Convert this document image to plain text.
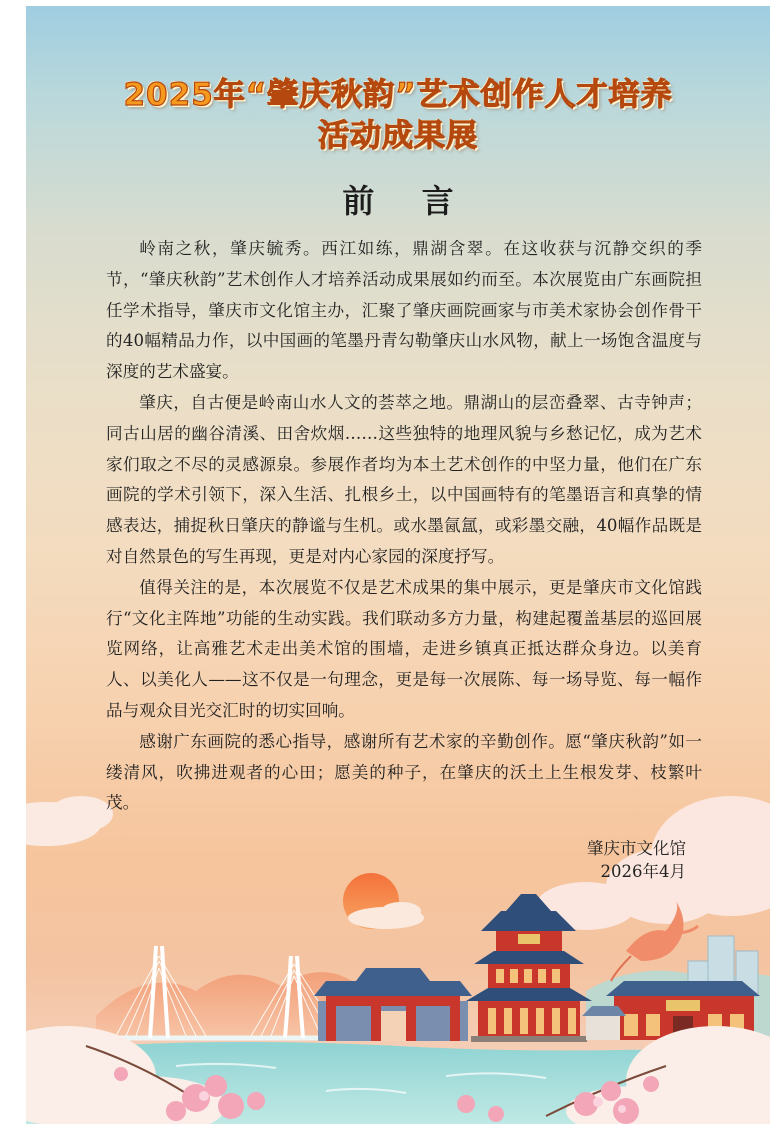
2025年“肇庆秋韵”艺术创作人才培养
活动成果展
前 言

岭南之秋，肇庆毓秀。西江如练，鼎湖含翠。在这收获与沉静交织的季节，“肇庆秋韵”艺术创作人才培养活动成果展如约而至。本次展览由广东画院担任学术指导，肇庆市文化馆主办，汇聚了肇庆画院画家与市美术家协会创作骨干的40幅精品力作，以中国画的笔墨丹青勾勒肇庆山水风物，献上一场饱含温度与深度的艺术盛宴。

肇庆，自古便是岭南山水人文的荟萃之地。鼎湖山的层峦叠翠、古寺钟声；同古山居的幽谷清溪、田舍炊烟……这些独特的地理风貌与乡愁记忆，成为艺术家们取之不尽的灵感源泉。参展作者均为本土艺术创作的中坚力量，他们在广东画院的学术引领下，深入生活、扎根乡土，以中国画特有的笔墨语言和真挚的情感表达，捕捉秋日肇庆的静谧与生机。或水墨氤氲，或彩墨交融，40幅作品既是对自然景色的写生再现，更是对内心家园的深度抒写。

值得关注的是，本次展览不仅是艺术成果的集中展示，更是肇庆市文化馆践行“文化主阵地”功能的生动实践。我们联动多方力量，构建起覆盖基层的巡回展览网络，让高雅艺术走出美术馆的围墙，走进乡镇真正抵达群众身边。以美育人、以美化人——这不仅是一句理念，更是每一次展陈、每一场导览、每一幅作品与观众目光交汇时的切实回响。

感谢广东画院的悉心指导，感谢所有艺术家的辛勤创作。愿“肇庆秋韵”如一缕清风，吹拂进观者的心田；愿美的种子，在肇庆的沃土上生根发芽、枝繁叶茂。

肇庆市文化馆
2026年4月
